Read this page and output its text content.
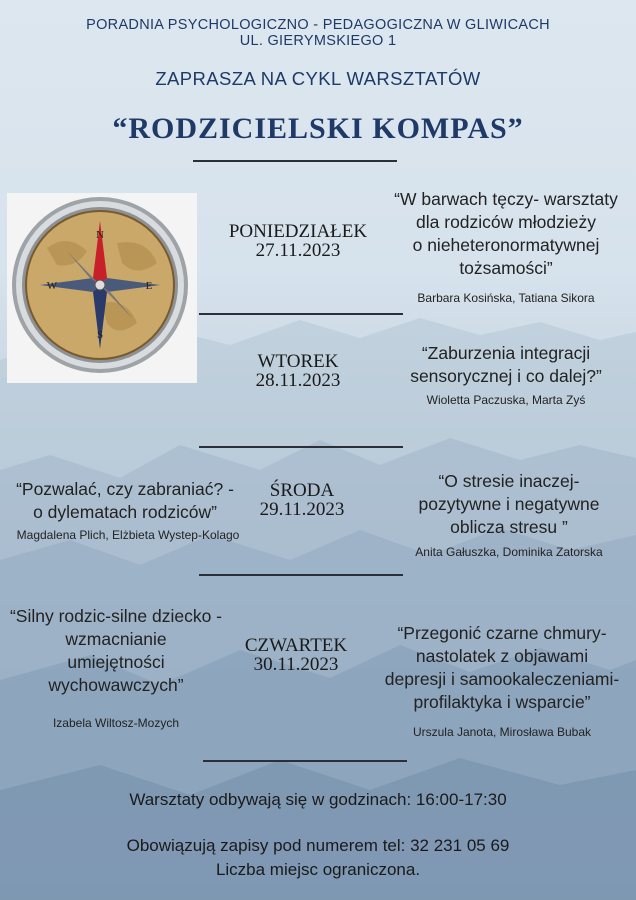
PORADNIA PSYCHOLOGICZNO - PEDAGOGICZNA W GLIWICACH
UL. GIERYMSKIEGO 1
ZAPRASZA NA CYKL WARSZTATÓW
“RODZICIELSKI KOMPAS”
N
E
S
W
PONIEDZIAŁEK
27.11.2023
“W barwach tęczy- warsztaty
dla rodziców młodzieży
o nieheteronormatywnej
tożsamości”
Barbara Kosińska, Tatiana Sikora
WTOREK
28.11.2023
“Zaburzenia integracji
sensorycznej i co dalej?”
Wioletta Paczuska, Marta Zyś
“Pozwalać, czy zabraniać? -
o dylematach rodziców”
Magdalena Plich, Elżbieta Wystep-Kolago
ŚRODA
29.11.2023
“O stresie inaczej-
pozytywne i negatywne
oblicza stresu ”
Anita Gałuszka, Dominika Zatorska
“Silny rodzic-silne dziecko -
wzmacnianie
umiejętności
wychowawczych”
Izabela Wiltosz-Mozych
CZWARTEK
30.11.2023
“Przegonić czarne chmury-
nastolatek z objawami
depresji i samookaleczeniami-
profilaktyka i wsparcie”
Urszula Janota, Mirosława Bubak
Warsztaty odbywają się w godzinach: 16:00-17:30
Obowiązują zapisy pod numerem tel: 32 231 05 69
Liczba miejsc ograniczona.
